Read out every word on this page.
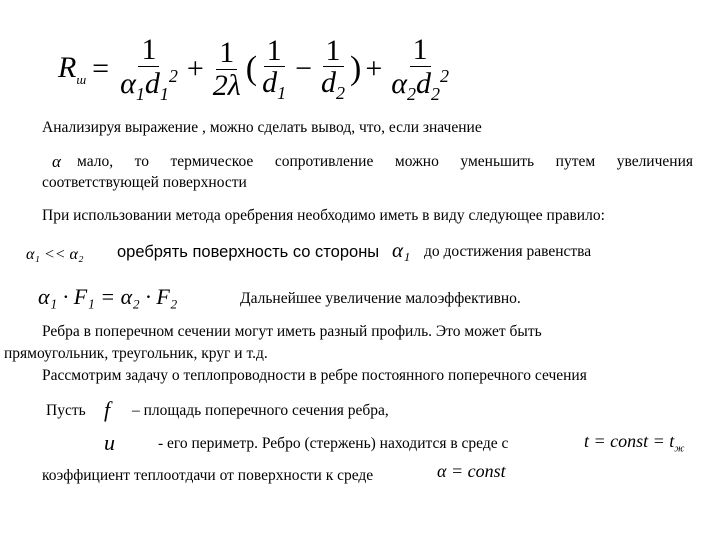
$R_ш = \frac{1}{\alpha_1d_1^2} + \frac{1}{2\lambda}$ ( $\frac{1}{d_1} - \frac{1}{d_2}$ ) + $\frac{1}{\alpha_2d_2^2}$
Анализируя выражение , можно сделать вывод, что, если значение
α мало, то термическое сопротивление можно уменьшить путем увеличения
соответствующей поверхности
При использовании метода оребрения необходимо иметь в виду следующее правило:
α₁ << α₂ оребрять поверхность со стороны α₁ до достижения равенства
α₁ · F₁ = α₂ · F₂	Дальнейшее увеличение малоэффективно.
Ребра в поперечном сечении могут иметь разный профиль. Это может быть
прямоугольник, треугольник, круг и т.д.
Рассмотрим задачу о теплопроводности в ребре постоянного поперечного сечения
Пусть f – площадь поперечного сечения ребра,
u	- его периметр. Ребро (стержень) находится в среде с	t = const = $t_ж$
коэффициент теплоотдачи от поверхности к среде	α = const
